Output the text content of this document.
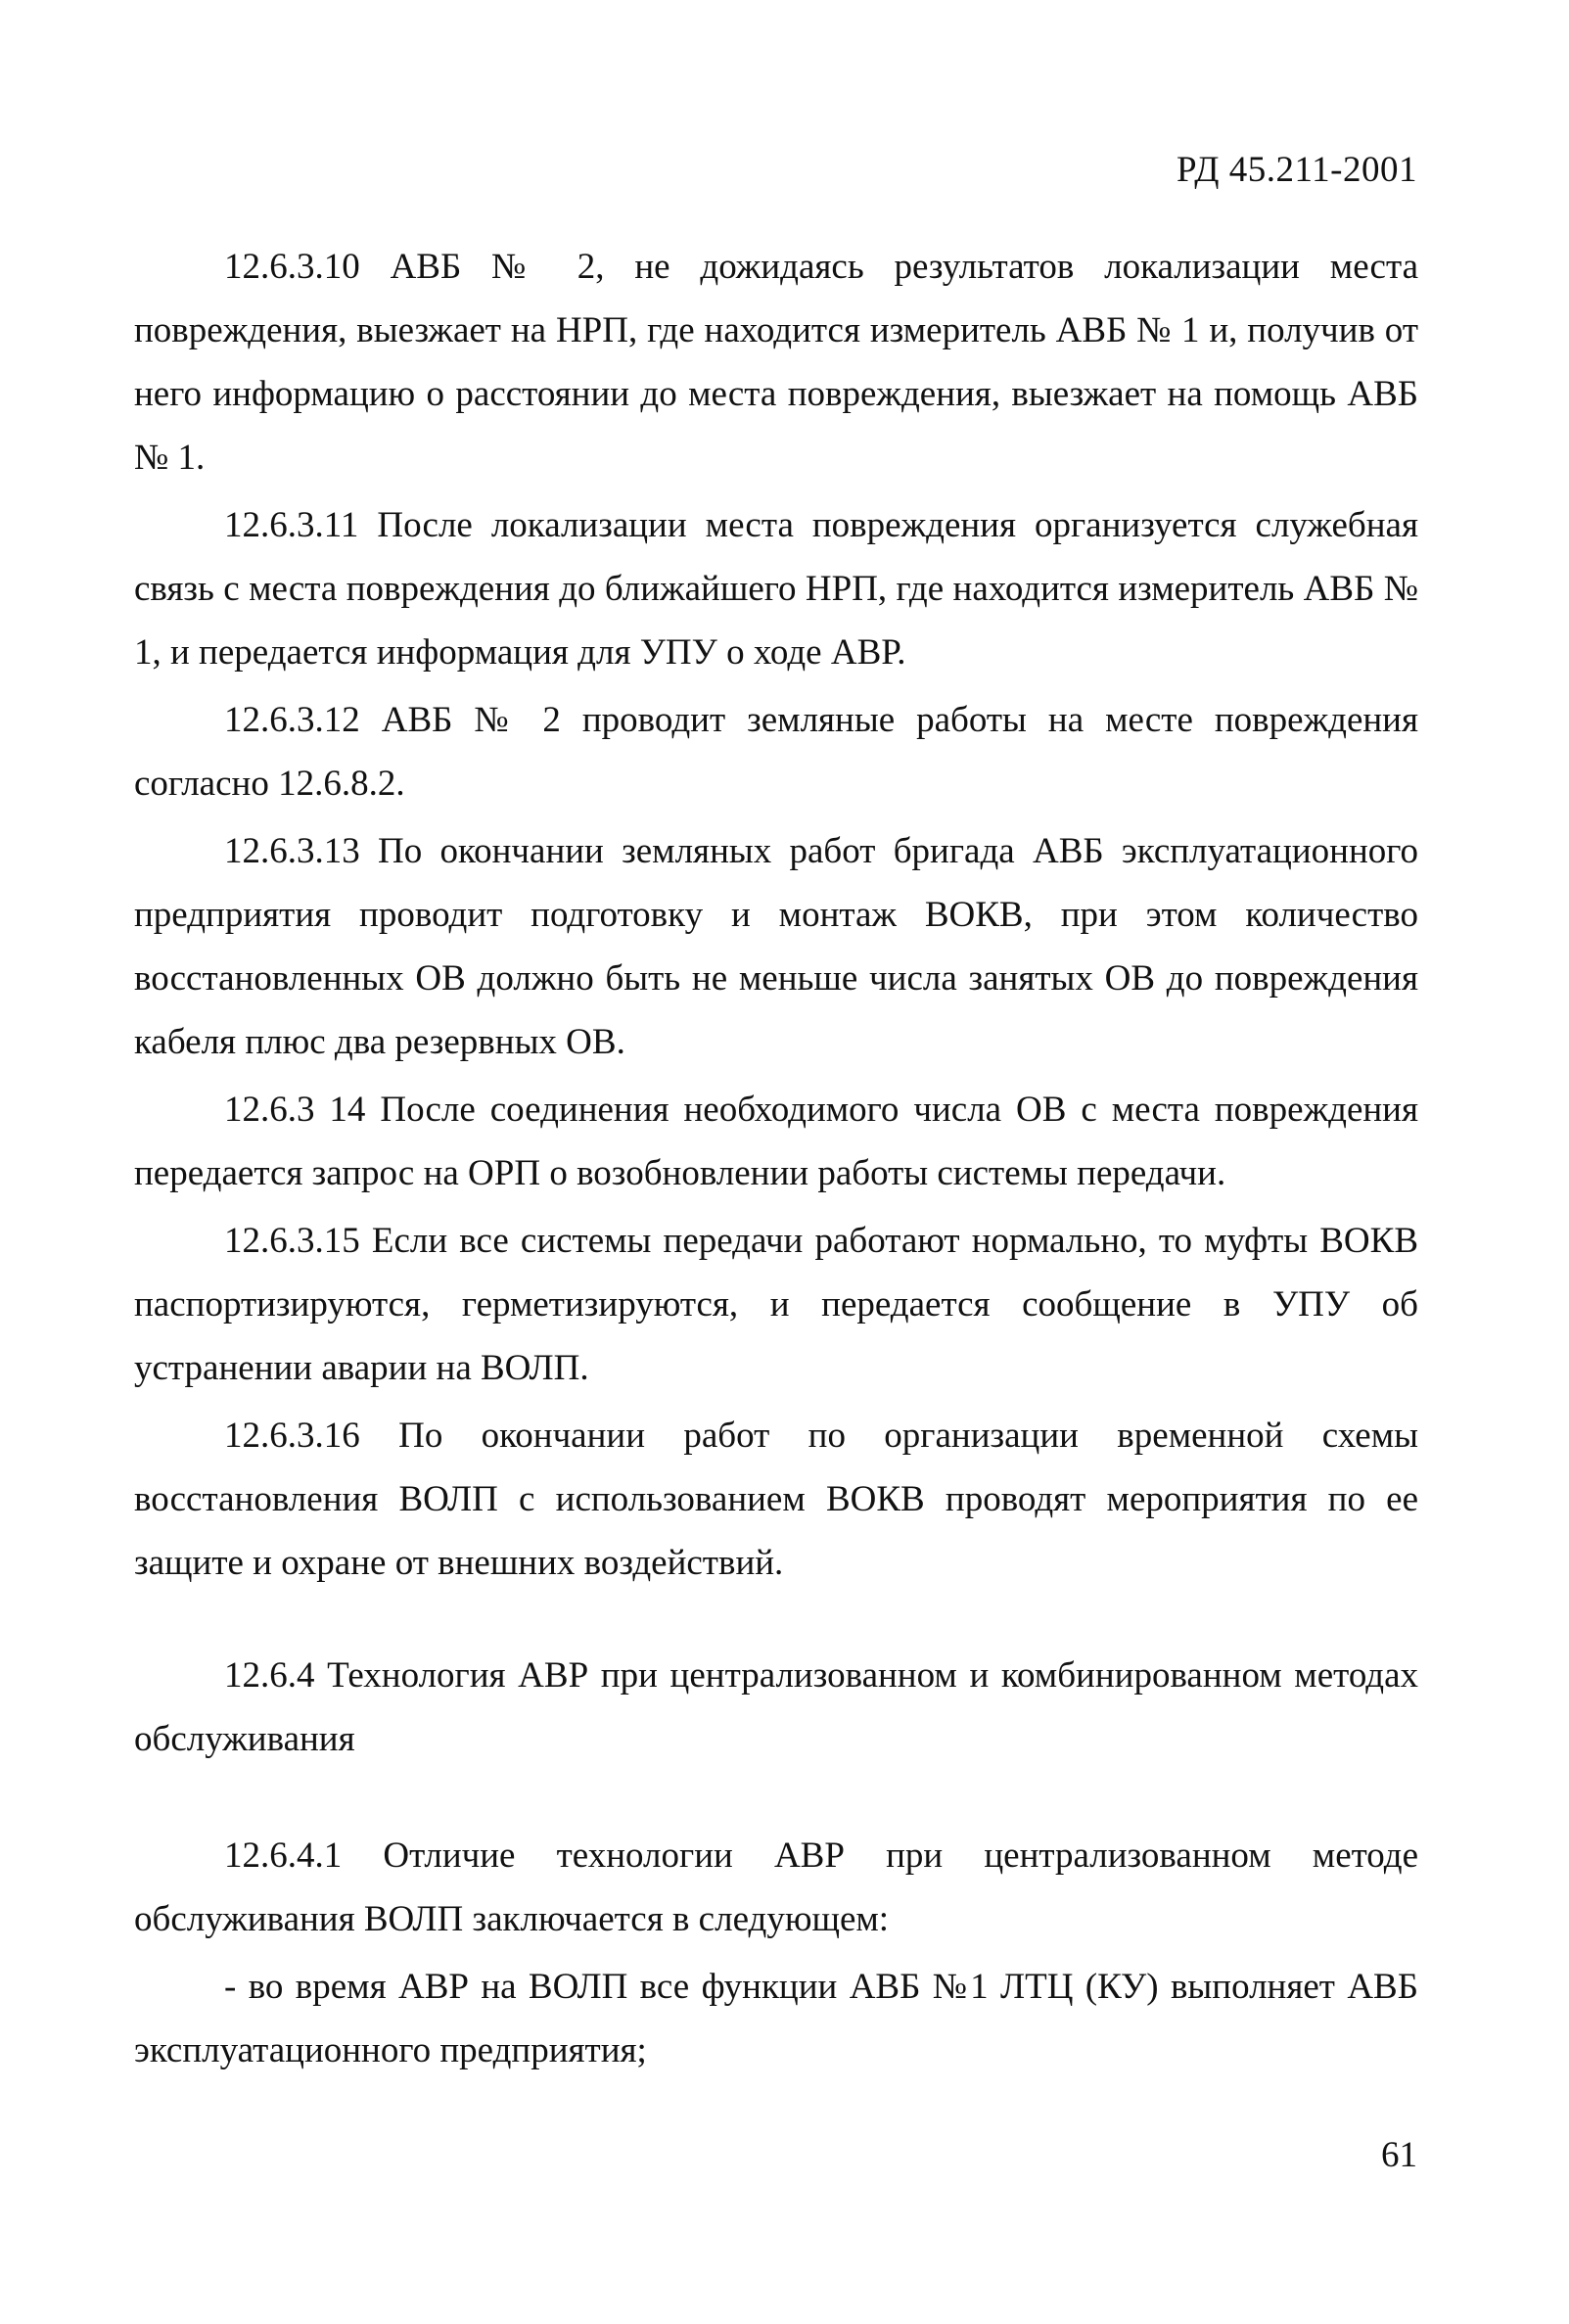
РД 45.211-2001

12.6.3.10 АВБ № 2, не дожидаясь результатов локализации места повреждения, выезжает на НРП, где находится измеритель АВБ № 1 и, получив от него информацию о расстоянии до места повреждения, выезжает на помощь АВБ № 1.

12.6.3.11 После локализации места повреждения организуется служебная связь с места повреждения до ближайшего НРП, где находится измеритель АВБ № 1, и передается информация для УПУ о ходе АВР.

12.6.3.12 АВБ № 2 проводит земляные работы на месте повреждения согласно 12.6.8.2.

12.6.3.13 По окончании земляных работ бригада АВБ эксплуатационного предприятия проводит подготовку и монтаж ВОКВ, при этом количество восстановленных ОВ должно быть не меньше числа занятых ОВ до повреждения кабеля плюс два резервных ОВ.

12.6.3 14 После соединения необходимого числа ОВ с места повреждения передается запрос на ОРП о возобновлении работы системы передачи.

12.6.3.15 Если все системы передачи работают нормально, то муфты ВОКВ паспортизируются, герметизируются, и передается сообщение в УПУ об устранении аварии на ВОЛП.

12.6.3.16 По окончании работ по организации временной схемы восстановления ВОЛП с использованием ВОКВ проводят мероприятия по ее защите и охране от внешних воздействий.

12.6.4 Технология АВР при централизованном и комбинированном методах обслуживания

12.6.4.1 Отличие технологии АВР при централизованном методе обслуживания ВОЛП заключается в следующем:

- во время АВР на ВОЛП все функции АВБ №1 ЛТЦ (КУ) выполняет АВБ эксплуатационного предприятия;

61
